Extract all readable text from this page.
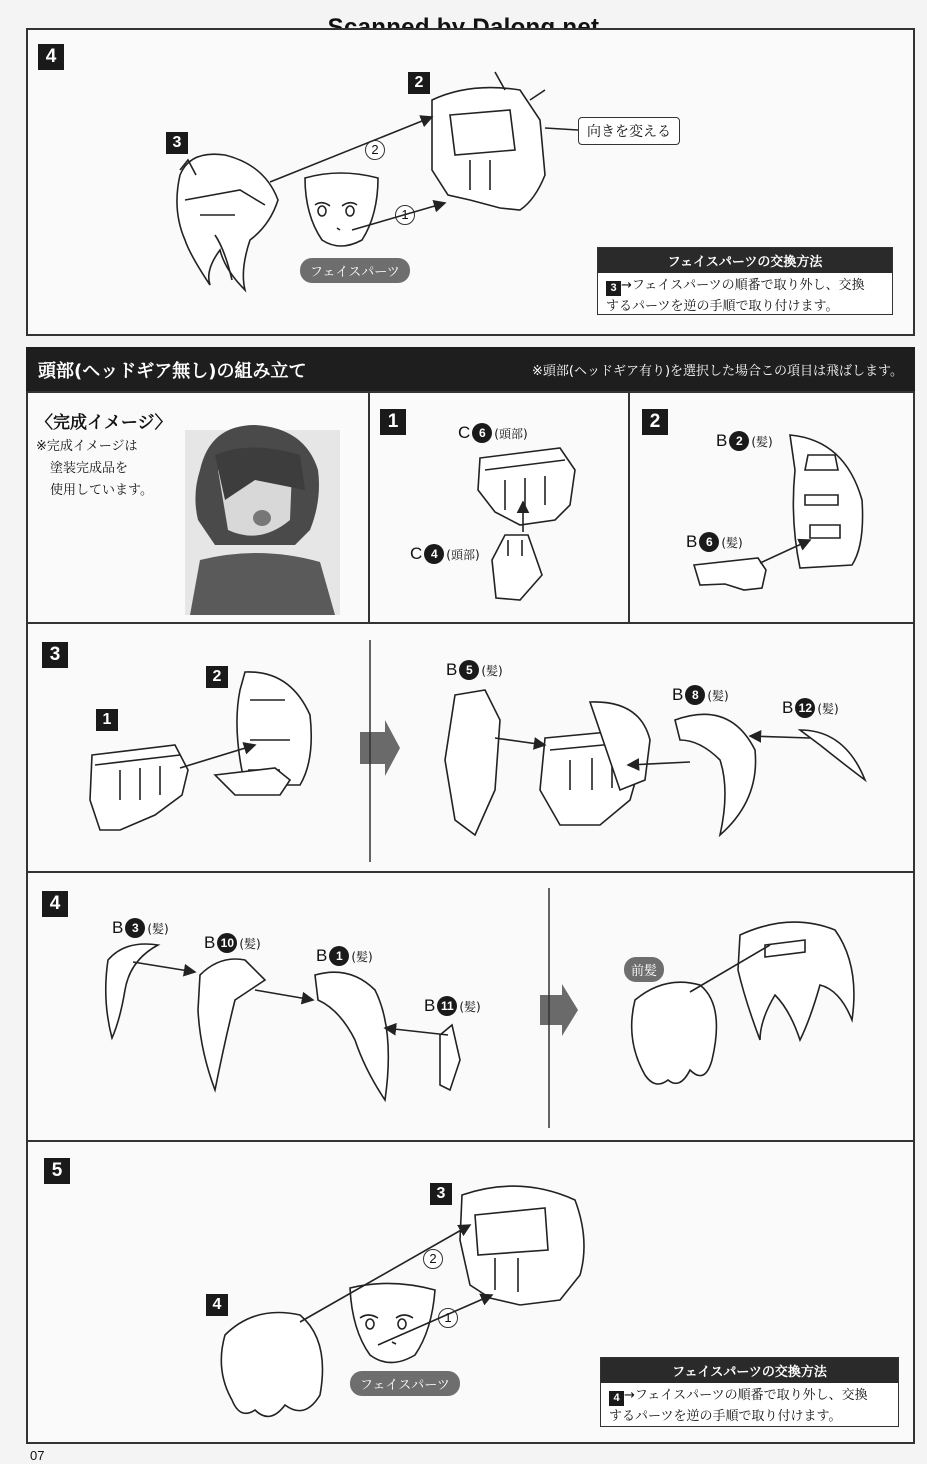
4
2
3
向きを変える
フェイスパーツ
2
1
フェイスパーツの交換方法
3 →フェイスパーツの順番で取り外し、交換
するパーツを逆の手順で取り付けます。
頭部(ヘッドギア無し)の組み立て	※頭部(ヘッドギア有り)を選択した場合この項目は飛ばします。
〈完成イメージ〉
※完成イメージは
塗装完成品を
使用しています。
1
C 6 (頭部)
C 4 (頭部)
2
B 2 (髪)
B 6 (髪)
3
2
1
B 5 (髪)
B 8 (髪)
B 12 (髪)
4
B 3 (髪)
B 10 (髪)
B 1 (髪)
B 11 (髪)
前髪
5
3
4
フェイスパーツ
2
1
フェイスパーツの交換方法
4 →フェイスパーツの順番で取り外し、交換
するパーツを逆の手順で取り付けます。
07
